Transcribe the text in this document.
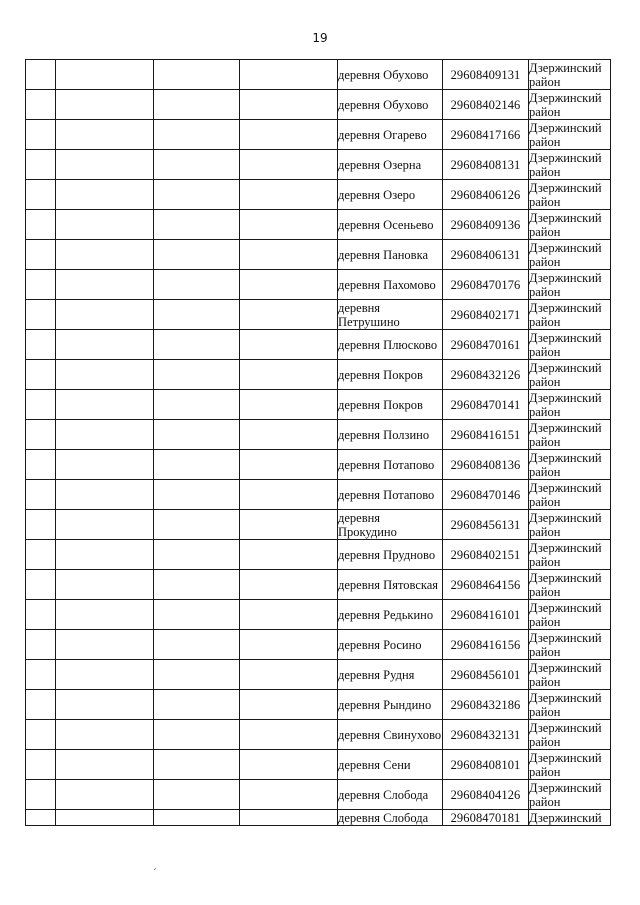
19
				деревня Обухово	29608409131	Дзержинский район
				деревня Обухово	29608402146	Дзержинский район
				деревня Огарево	29608417166	Дзержинский район
				деревня Озерна	29608408131	Дзержинский район
				деревня Озеро	29608406126	Дзержинский район
				деревня Осеньево	29608409136	Дзержинский район
				деревня Пановка	29608406131	Дзержинский район
				деревня Пахомово	29608470176	Дзержинский район
				деревня Петрушино	29608402171	Дзержинский район
				деревня Плюсково	29608470161	Дзержинский район
				деревня Покров	29608432126	Дзержинский район
				деревня Покров	29608470141	Дзержинский район
				деревня Ползино	29608416151	Дзержинский район
				деревня Потапово	29608408136	Дзержинский район
				деревня Потапово	29608470146	Дзержинский район
				деревня Прокудино	29608456131	Дзержинский район
				деревня Прудново	29608402151	Дзержинский район
				деревня Пятовская	29608464156	Дзержинский район
				деревня Редькино	29608416101	Дзержинский район
				деревня Росино	29608416156	Дзержинский район
				деревня Рудня	29608456101	Дзержинский район
				деревня Рындино	29608432186	Дзержинский район
				деревня Свинухово	29608432131	Дзержинский район
				деревня Сени	29608408101	Дзержинский район
				деревня Слобода	29608404126	Дзержинский район
				деревня Слобода	29608470181	Дзержинский
´
